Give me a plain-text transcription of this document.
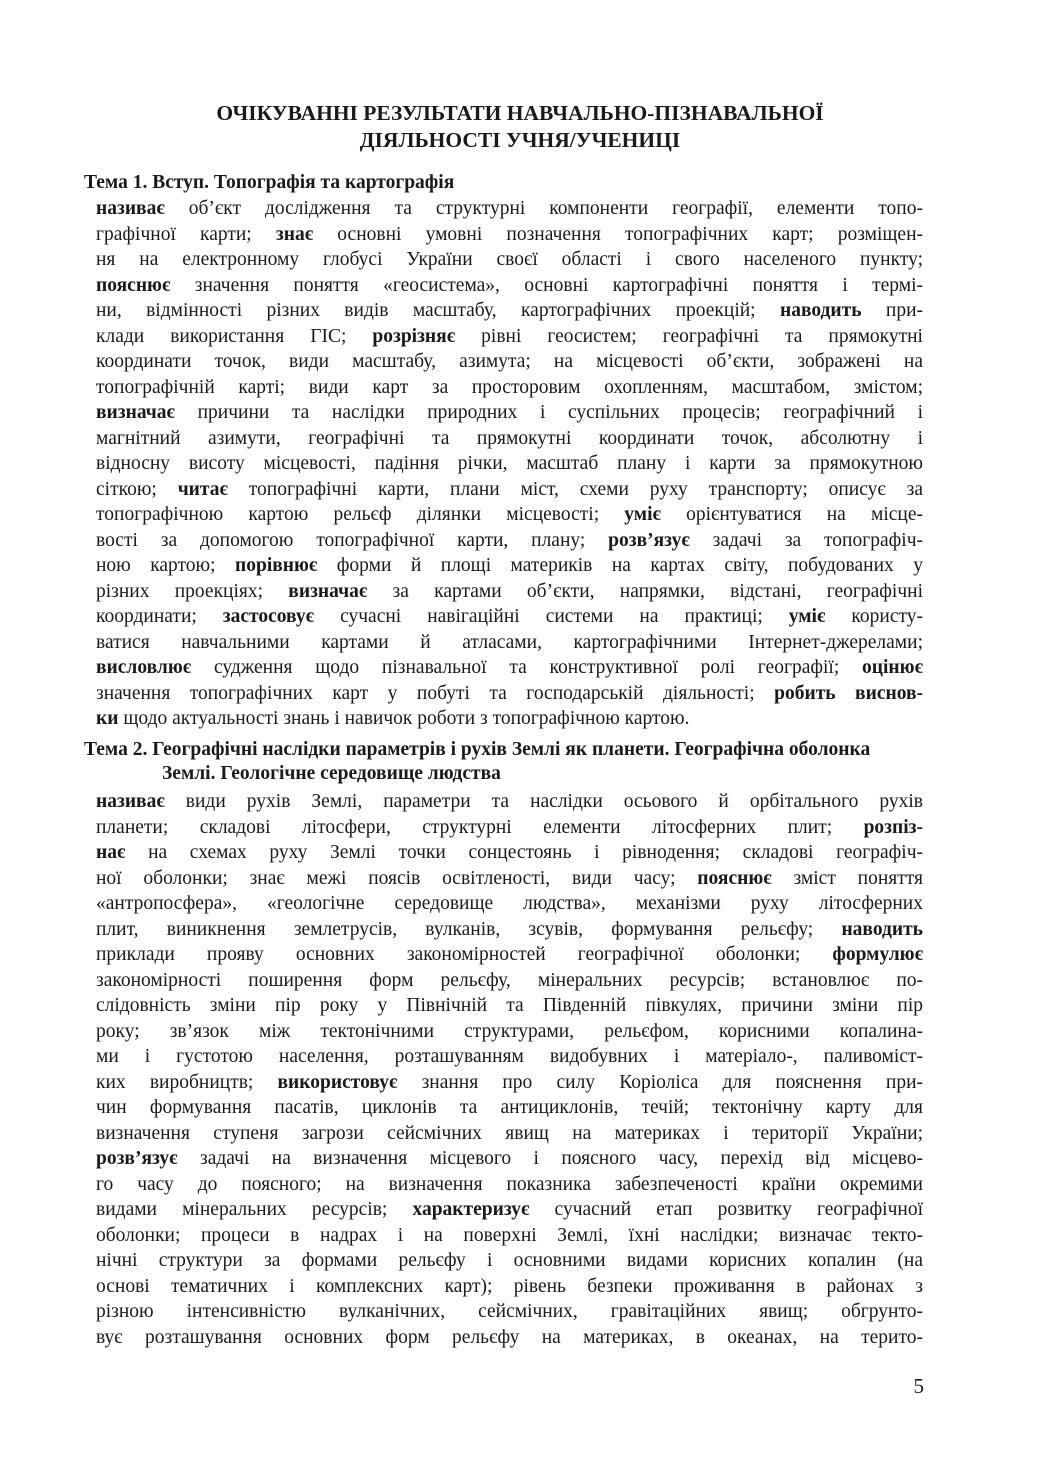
ОЧІКУВАННІ РЕЗУЛЬТАТИ НАВЧАЛЬНО-ПІЗНАВАЛЬНОЇ
ДІЯЛЬНОСТІ УЧНЯ/УЧЕНИЦІ
Тема 1. Вступ. Топографія та картографія
називає об’єкт дослідження та структурні компоненти географії, елементи топо-
графічної карти; знає основні умовні позначення топографічних карт; розміщен-
ня на електронному глобусі України своєї області і свого населеного пункту;
пояснює значення поняття «геосистема», основні картографічні поняття і термі-
ни, відмінності різних видів масштабу, картографічних проекцій; наводить при-
клади використання ГІС; розрізняє рівні геосистем; географічні та прямокутні
координати точок, види масштабу, азимута; на місцевості об’єкти, зображені на
топографічній карті; види карт за просторовим охопленням, масштабом, змістом;
визначає причини та наслідки природних і суспільних процесів; географічний і
магнітний азимути, географічні та прямокутні координати точок, абсолютну і
відносну висоту місцевості, падіння річки, масштаб плану і карти за прямокутною
сіткою; читає топографічні карти, плани міст, схеми руху транспорту; описує за
топографічною картою рельєф ділянки місцевості; уміє орієнтуватися на місце-
вості за допомогою топографічної карти, плану; розв’язує задачі за топографіч-
ною картою; порівнює форми й площі материків на картах світу, побудованих у
різних проекціях; визначає за картами об’єкти, напрямки, відстані, географічні
координати; застосовує сучасні навігаційні системи на практиці; уміє користу-
ватися навчальними картами й атласами, картографічними Інтернет-джерелами;
висловлює судження щодо пізнавальної та конструктивної ролі географії; оцінює
значення топографічних карт у побуті та господарській діяльності; робить виснов-
ки щодо актуальності знань і навичок роботи з топографічною картою.
Тема 2. Географічні наслідки параметрів і рухів Землі як планети. Географічна оболонка
Землі. Геологічне середовище людства
називає види рухів Землі, параметри та наслідки осьового й орбітального рухів
планети; складові літосфери, структурні елементи літосферних плит; розпіз-
нає на схемах руху Землі точки сонцестоянь і рівнодення; складові географіч-
ної оболонки; знає межі поясів освітленості, види часу; пояснює зміст поняття
«антропосфера», «геологічне середовище людства», механізми руху літосферних
плит, виникнення землетрусів, вулканів, зсувів, формування рельєфу; наводить
приклади прояву основних закономірностей географічної оболонки; формулює
закономірності поширення форм рельєфу, мінеральних ресурсів; встановлює по-
слідовність зміни пір року у Північній та Південній півкулях, причини зміни пір
року; зв’язок між тектонічними структурами, рельєфом, корисними копалина-
ми і густотою населення, розташуванням видобувних і матеріало-, паливоміст-
ких виробництв; використовує знання про силу Коріоліса для пояснення при-
чин формування пасатів, циклонів та антициклонів, течій; тектонічну карту для
визначення ступеня загрози сейсмічних явищ на материках і території України;
розв’язує задачі на визначення місцевого і поясного часу, перехід від місцево-
го часу до поясного; на визначення показника забезпеченості країни окремими
видами мінеральних ресурсів; характеризує сучасний етап розвитку географічної
оболонки; процеси в надрах і на поверхні Землі, їхні наслідки; визначає текто-
нічні структури за формами рельєфу і основними видами корисних копалин (на
основі тематичних і комплексних карт); рівень безпеки проживання в районах з
різною інтенсивністю вулканічних, сейсмічних, гравітаційних явищ; обгрунто-
вує розташування основних форм рельєфу на материках, в океанах, на терито-
5
